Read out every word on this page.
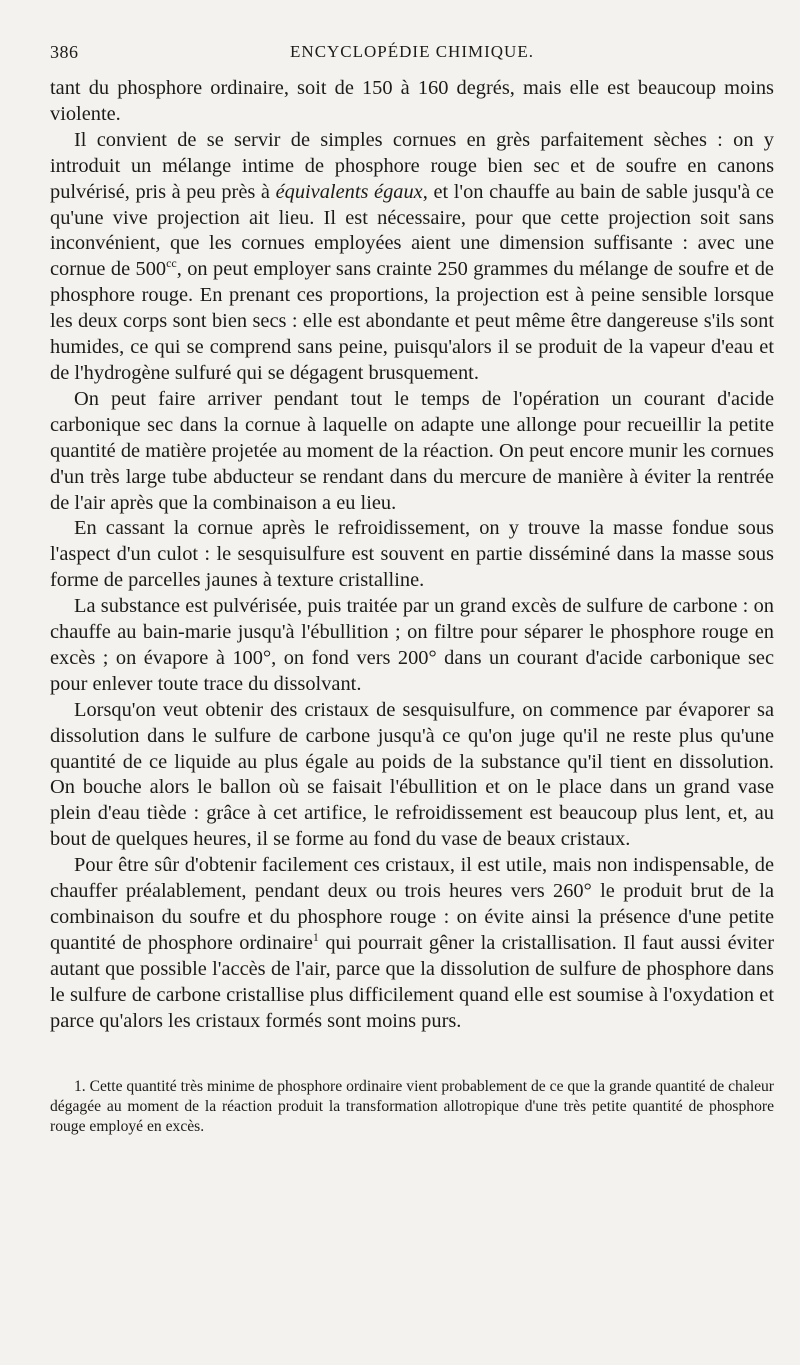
386	ENCYCLOPÉDIE CHIMIQUE.

tant du phosphore ordinaire, soit de 150 à 160 degrés, mais elle est beaucoup moins violente.

Il convient de se servir de simples cornues en grès parfaitement sèches : on y introduit un mélange intime de phosphore rouge bien sec et de soufre en canons pulvérisé, pris à peu près à équivalents égaux, et l'on chauffe au bain de sable jusqu'à ce qu'une vive projection ait lieu. Il est nécessaire, pour que cette projection soit sans inconvénient, que les cornues employées aient une dimension suffisante : avec une cornue de $500^{cc}$, on peut employer sans crainte 250 grammes du mélange de soufre et de phosphore rouge. En prenant ces proportions, la projection est à peine sensible lorsque les deux corps sont bien secs : elle est abondante et peut même être dangereuse s'ils sont humides, ce qui se comprend sans peine, puisqu'alors il se produit de la vapeur d'eau et de l'hydrogène sulfuré qui se dégagent brusquement.

On peut faire arriver pendant tout le temps de l'opération un courant d'acide carbonique sec dans la cornue à laquelle on adapte une allonge pour recueillir la petite quantité de matière projetée au moment de la réaction. On peut encore munir les cornues d'un très large tube abducteur se rendant dans du mercure de manière à éviter la rentrée de l'air après que la combinaison a eu lieu.

En cassant la cornue après le refroidissement, on y trouve la masse fondue sous l'aspect d'un culot : le sesquisulfure est souvent en partie disséminé dans la masse sous forme de parcelles jaunes à texture cristalline.

La substance est pulvérisée, puis traitée par un grand excès de sulfure de carbone : on chauffe au bain-marie jusqu'à l'ébullition ; on filtre pour séparer le phosphore rouge en excès ; on évapore à 100°, on fond vers 200° dans un courant d'acide carbonique sec pour enlever toute trace du dissolvant.

Lorsqu'on veut obtenir des cristaux de sesquisulfure, on commence par évaporer sa dissolution dans le sulfure de carbone jusqu'à ce qu'on juge qu'il ne reste plus qu'une quantité de ce liquide au plus égale au poids de la substance qu'il tient en dissolution. On bouche alors le ballon où se faisait l'ébullition et on le place dans un grand vase plein d'eau tiède : grâce à cet artifice, le refroidissement est beaucoup plus lent, et, au bout de quelques heures, il se forme au fond du vase de beaux cristaux.

Pour être sûr d'obtenir facilement ces cristaux, il est utile, mais non indispensable, de chauffer préalablement, pendant deux ou trois heures vers 260° le produit brut de la combinaison du soufre et du phosphore rouge : on évite ainsi la présence d'une petite quantité de phosphore ordinaire$^1$ qui pourrait gêner la cristallisation. Il faut aussi éviter autant que possible l'accès de l'air, parce que la dissolution de sulfure de phosphore dans le sulfure de carbone cristallise plus difficilement quand elle est soumise à l'oxydation et parce qu'alors les cristaux formés sont moins purs.

1. Cette quantité très minime de phosphore ordinaire vient probablement de ce que la grande quantité de chaleur dégagée au moment de la réaction produit la transformation allotropique d'une très petite quantité de phosphore rouge employé en excès.
